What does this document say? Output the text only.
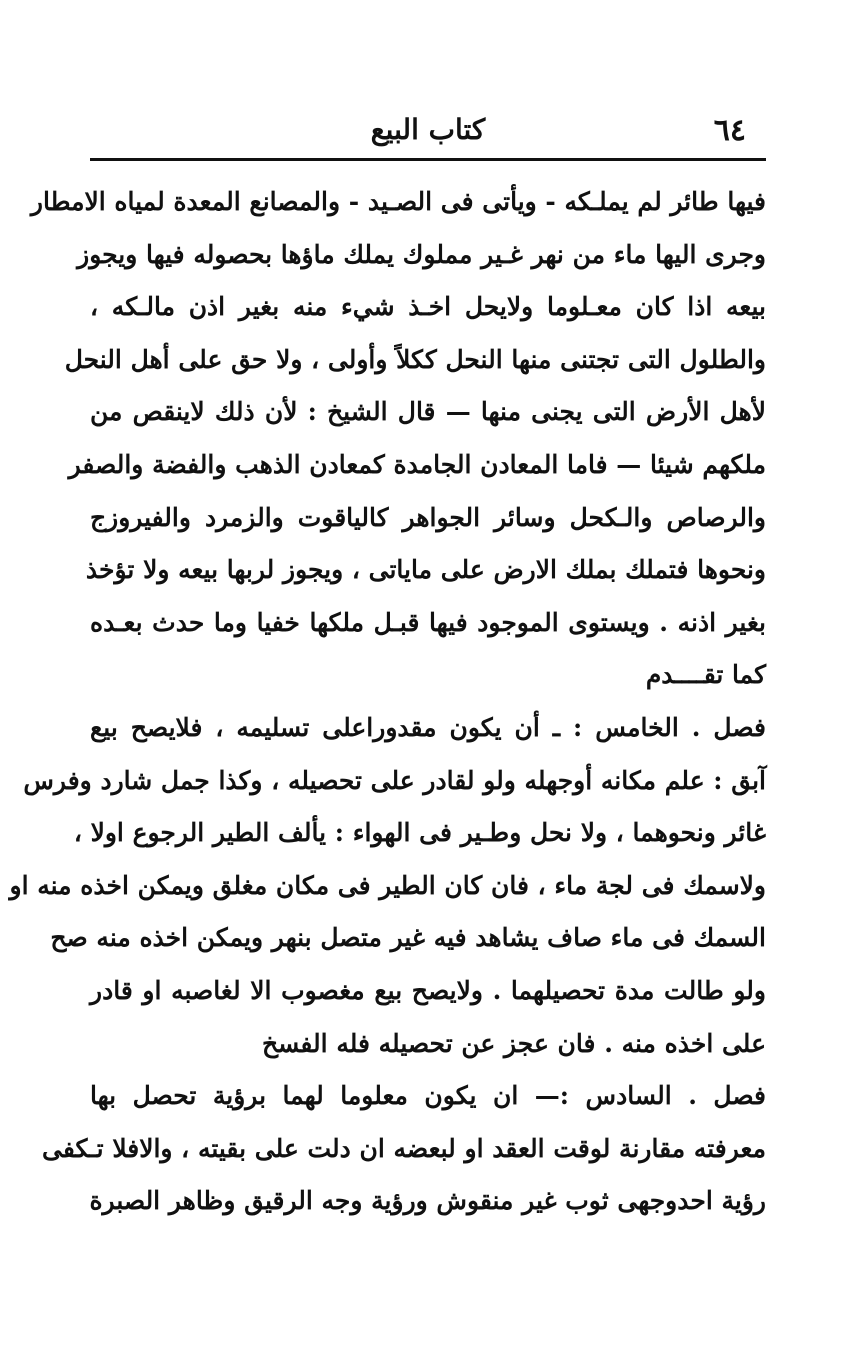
٦٤
كتاب البيع
فيها طائر لم يملـكه - ويأتى فى الصـيد - والمصانع المعدة لمياه الامطار
وجرى اليها ماء من نهر غـير مملوك يملك ماؤها بحصوله فيها ويجوز
بيعه اذا كان معـلوما ولايحل اخـذ شيء منه بغير اذن مالـكه ،
والطلول التى تجتنى منها النحل ككلاً وأولى ، ولا حق على أهل النحل
لأهل الأرض التى يجنى منها — قال الشيخ : لأن ذلك لاينقص من
ملكهم شيئا — فاما المعادن الجامدة كمعادن الذهب والفضة والصفر
والرصاص والـكحل وسائر الجواهر كالياقوت والزمرد والفيروزج
ونحوها فتملك بملك الارض على ماياتى ، ويجوز لربها بيعه ولا تؤخذ
بغير اذنه . ويستوى الموجود فيها قبـل ملكها خفيا وما حدث بعـده
كما تقــــدم
فصل . الخامس : ـ أن يكون مقدوراعلى تسليمه ، فلايصح بيع
آبق : علم مكانه أوجهله ولو لقادر على تحصيله ، وكذا جمل شارد وفرس
غائر ونحوهما ، ولا نحل وطـير فى الهواء : يألف الطير الرجوع اولا ،
ولاسمك فى لجة ماء ، فان كان الطير فى مكان مغلق ويمكن اخذه منه او
السمك فى ماء صاف يشاهد فيه غير متصل بنهر ويمكن اخذه منه صح
ولو طالت مدة تحصيلهما . ولايصح بيع مغصوب الا لغاصبه او قادر
على اخذه منه . فان عجز عن تحصيله فله الفسخ
فصل . السادس :— ان يكون معلوما لهما برؤية تحصل بها
معرفته مقارنة لوقت العقد او لبعضه ان دلت على بقيته ، والافلا تـكفى
رؤية احدوجهى ثوب غير منقوش ورؤية وجه الرقيق وظاهر الصبرة
